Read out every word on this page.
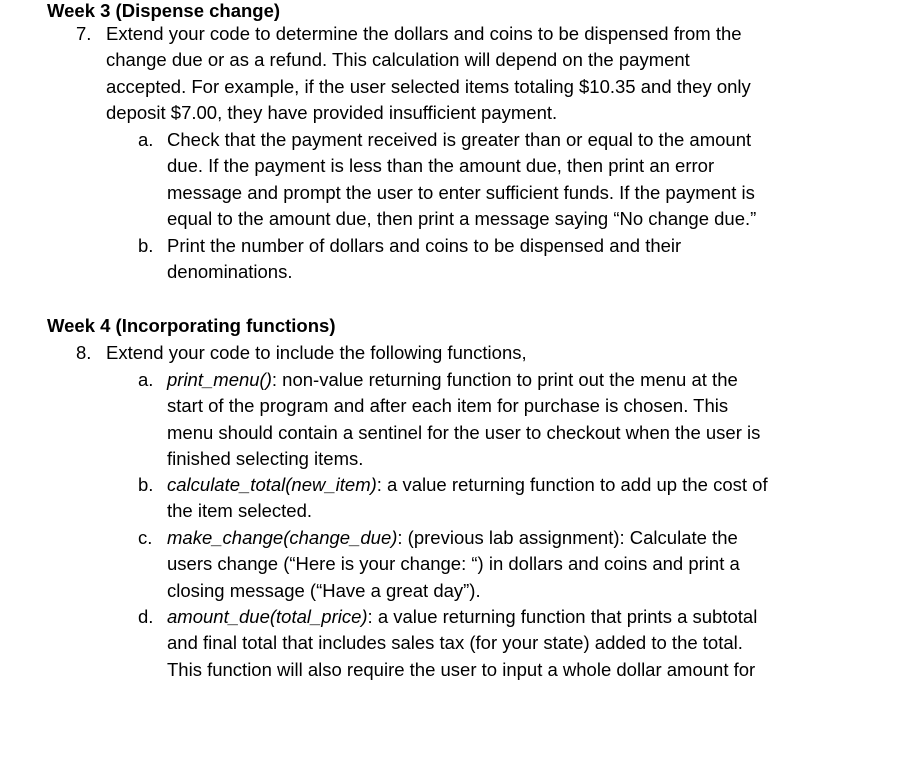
Week 3 (Dispense change)
7. Extend your code to determine the dollars and coins to be dispensed from the
change due or as a refund. This calculation will depend on the payment
accepted. For example, if the user selected items totaling $10.35 and they only
deposit $7.00, they have provided insufficient payment.
a. Check that the payment received is greater than or equal to the amount
due. If the payment is less than the amount due, then print an error
message and prompt the user to enter sufficient funds. If the payment is
equal to the amount due, then print a message saying “No change due.”
b. Print the number of dollars and coins to be dispensed and their
denominations.
Week 4 (Incorporating functions)
8. Extend your code to include the following functions,
a. print_menu(): non-value returning function to print out the menu at the
start of the program and after each item for purchase is chosen. This
menu should contain a sentinel for the user to checkout when the user is
finished selecting items.
b. calculate_total(new_item): a value returning function to add up the cost of
the item selected.
c. make_change(change_due): (previous lab assignment): Calculate the
users change (“Here is your change: “) in dollars and coins and print a
closing message (“Have a great day”).
d. amount_due(total_price): a value returning function that prints a subtotal
and final total that includes sales tax (for your state) added to the total.
This function will also require the user to input a whole dollar amount for
